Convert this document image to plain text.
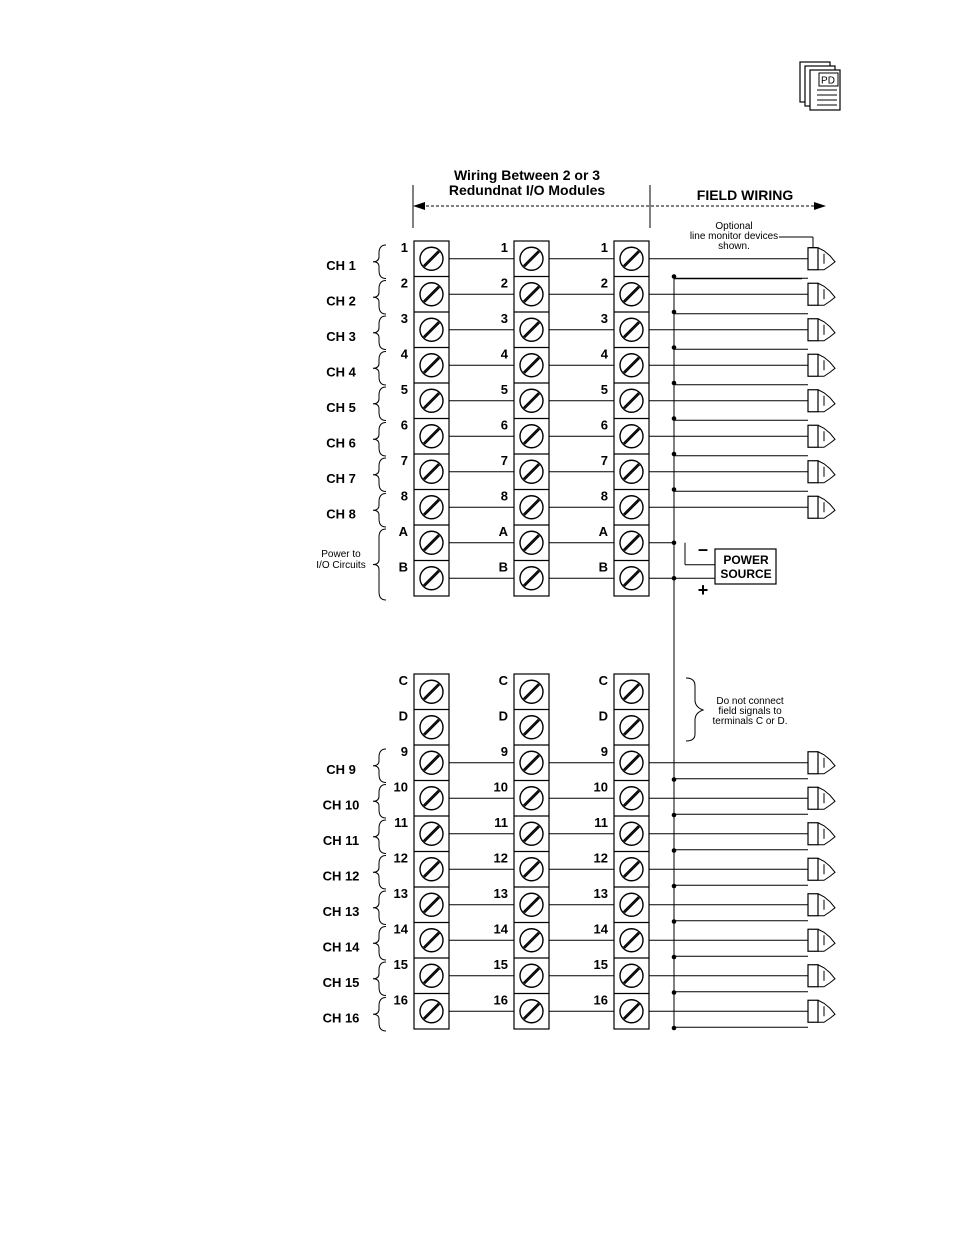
PD
Wiring Between 2 or 3
Redundnat I/O Modules	FIELD WIRING
Optional
line monitor devices
shown.
1
2
3
4
5
6
7
8
A
B
1
2
3
4
5
6
7
8
A
B
1
2
3
4
5
6
7
8
A
B
C
D
9
10
11
12
13
14
15
16
C
D
9
10
11
12
13
14
15
16
C
D
9
10
11
12
13
14
15
16
CH 1
CH 2
CH 3
CH 4
CH 5
CH 6
CH 7
CH 8
CH 9
CH 10
CH 11
CH 12
CH 13
CH 14
CH 15
CH 16
Power to
I/O Circuits	POWER
SOURCE
–
+
Do not connect
field signals to
terminals C or D.
